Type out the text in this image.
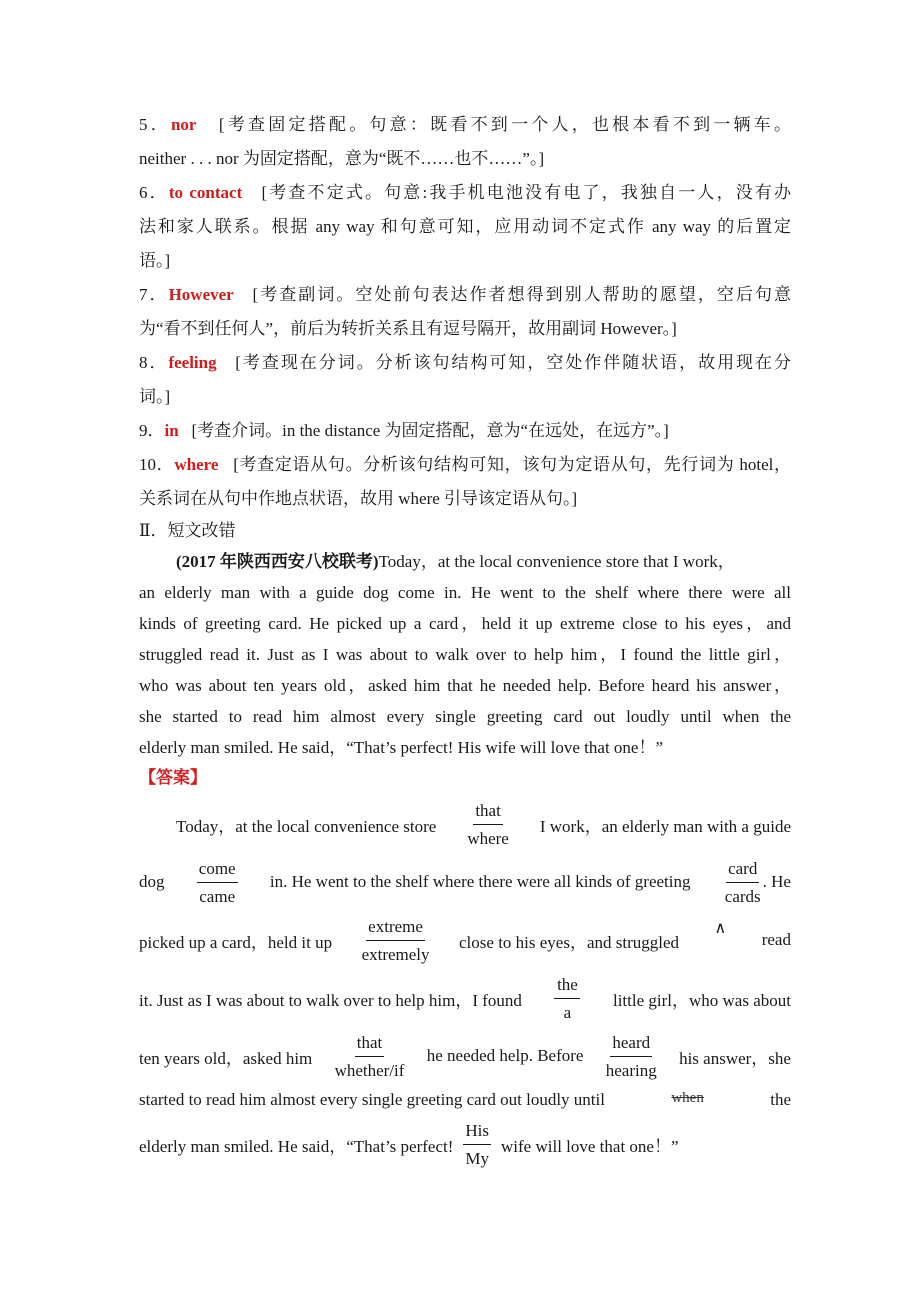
5．nor [考查固定搭配。句意：既看不到一个人，也根本看不到一辆车。

neither . . . nor 为固定搭配，意为“既不……也不……”。]

6．to contact [考查不定式。句意:我手机电池没有电了，我独自一人，没有办

法和家人联系。根据 any way 和句意可知，应用动词不定式作 any way 的后置定

语。]

7．However [考查副词。空处前句表达作者想得到别人帮助的愿望，空后句意

为“看不到任何人”，前后为转折关系且有逗号隔开，故用副词 However。]

8．feeling [考查现在分词。分析该句结构可知，空处作伴随状语，故用现在分

词。]

9．in [考查介词。in the distance 为固定搭配，意为“在远处，在远方”。]

10．where [考查定语从句。分析该句结构可知，该句为定语从句，先行词为 hotel，

关系词在从句中作地点状语，故用 where 引导该定语从句。]

Ⅱ．短文改错

(2017 年陕西西安八校联考)Today，at the local convenience store that I work，

an elderly man with a guide dog come in. He went to the shelf where there were all

kinds of greeting card. He picked up a card，held it up extreme close to his eyes，and

struggled read it. Just as I was about to walk over to help him，I found the little girl，

who was about ten years old，asked him that he needed help. Before heard his answer，

she started to read him almost every single greeting card out loudly until when the

elderly man smiled. He said，“That’s perfect! His wife will love that one！”

【答案】
Today，at the local convenience store
that
where
I work，an elderly man with a guide
dog
come
came
in. He went to the shelf where there were all kinds of greeting
card
cards
. He
picked up a card，held it up
extreme
extremely
close to his eyes，and struggled
∧
read
it. Just as I was about to walk over to help him，I found
the
a
little girl，who was about
ten years old，asked him
that
whether/if
he needed help. Before
heard
hearing
his answer，she
started to read him almost every single greeting card out loudly until	when	the
elderly man smiled. He said，“That’s perfect!
His
My
wife will love that one！”
